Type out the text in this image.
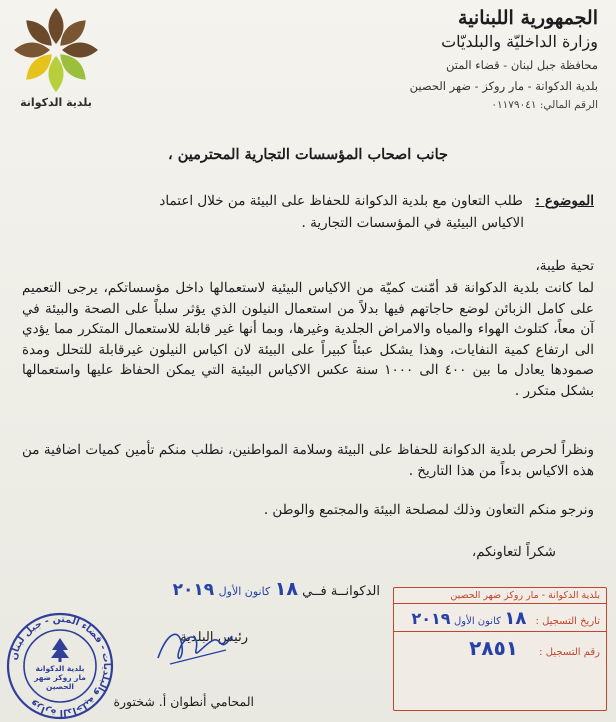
بلدية الدكوانة
الجمهورية اللبنانية
وزارة الداخليّة والبلديّات
محافظة جبل لبنان - قضاء المتن
بلدية الدكوانة - مار روكز - ضهر الحصين
الرقم المالي: ٠١١٧٩٠٤١
جانب اصحاب المؤسسات التجارية المحترمين ،
الموضوع : طلب التعاون مع بلدية الدكوانة للحفاظ على البيئة من خلال اعتماد
الاكياس البيئية في المؤسسات التجارية .
تحية طيبة،
لما كانت بلدية الدكوانة قد أمّنت كميّة من الاكياس البيئية لاستعمالها داخل مؤسساتكم، يرجى التعميم على كامل الزبائن لوضع حاجاتهم فيها بدلاً من استعمال النيلون الذي يؤثر سلباً على الصحة والبيئة في آن معاً، كتلوث الهواء والمياه والامراض الجلدية وغيرها، وبما أنها غير قابلة للاستعمال المتكرر مما يؤدي الى ارتفاع كمية النفايات، وهذا يشكل عبئاً كبيراً على البيئة لان اكياس النيلون غيرقابلة للتحلل ومدة صمودها يعادل ما بين ٤٠٠ الى ١٠٠٠ سنة عكس الاكياس البيئية التي يمكن الحفاظ عليها واستعمالها بشكل متكرر .
ونظراً لحرص بلدية الدكوانة للحفاظ على البيئة وسلامة المواطنين، نطلب منكم تأمين كميات اضافية من هذه الاكياس بدءاً من هذا التاريخ .
ونرجو منكم التعاون وذلك لمصلحة البيئة والمجتمع والوطن .
شكراً لتعاونكم،
الدكوانــة فــي ١٨ كانون الأول ٢٠١٩
رئيس البلدية
المحامي أنطوان أ. شختورة
وزارة الداخلية والبلديات - قضاء المتن - جبل لبنان
بلدية الدكوانة مار روكز ضهر الحصين
بلدية الدكوانة - مار روكز ضهر الحصين
تاريخ التسجيل : ١٨ كانون الأول ٢٠١٩
رقم التسجيل : ٢٨٥١
